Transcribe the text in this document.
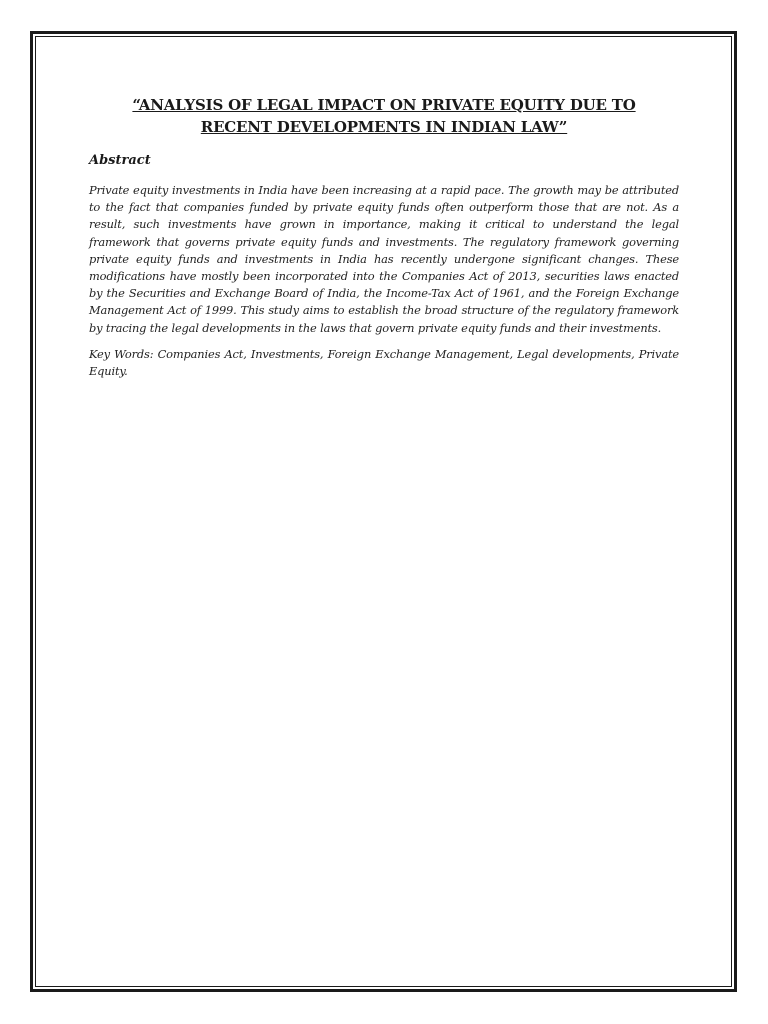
“ANALYSIS OF LEGAL IMPACT ON PRIVATE EQUITY DUE TO
RECENT DEVELOPMENTS IN INDIAN LAW”

Abstract

Private equity investments in India have been increasing at a rapid pace. The growth may be attributed to the fact that companies funded by private equity funds often outperform those that are not. As a result, such investments have grown in importance, making it critical to understand the legal framework that governs private equity funds and investments. The regulatory framework governing private equity funds and investments in India has recently undergone significant changes. These modifications have mostly been incorporated into the Companies Act of 2013, securities laws enacted by the Securities and Exchange Board of India, the Income-Tax Act of 1961, and the Foreign Exchange Management Act of 1999. This study aims to establish the broad structure of the regulatory framework by tracing the legal developments in the laws that govern private equity funds and their investments.

Key Words: Companies Act, Investments, Foreign Exchange Management, Legal developments, Private Equity.
